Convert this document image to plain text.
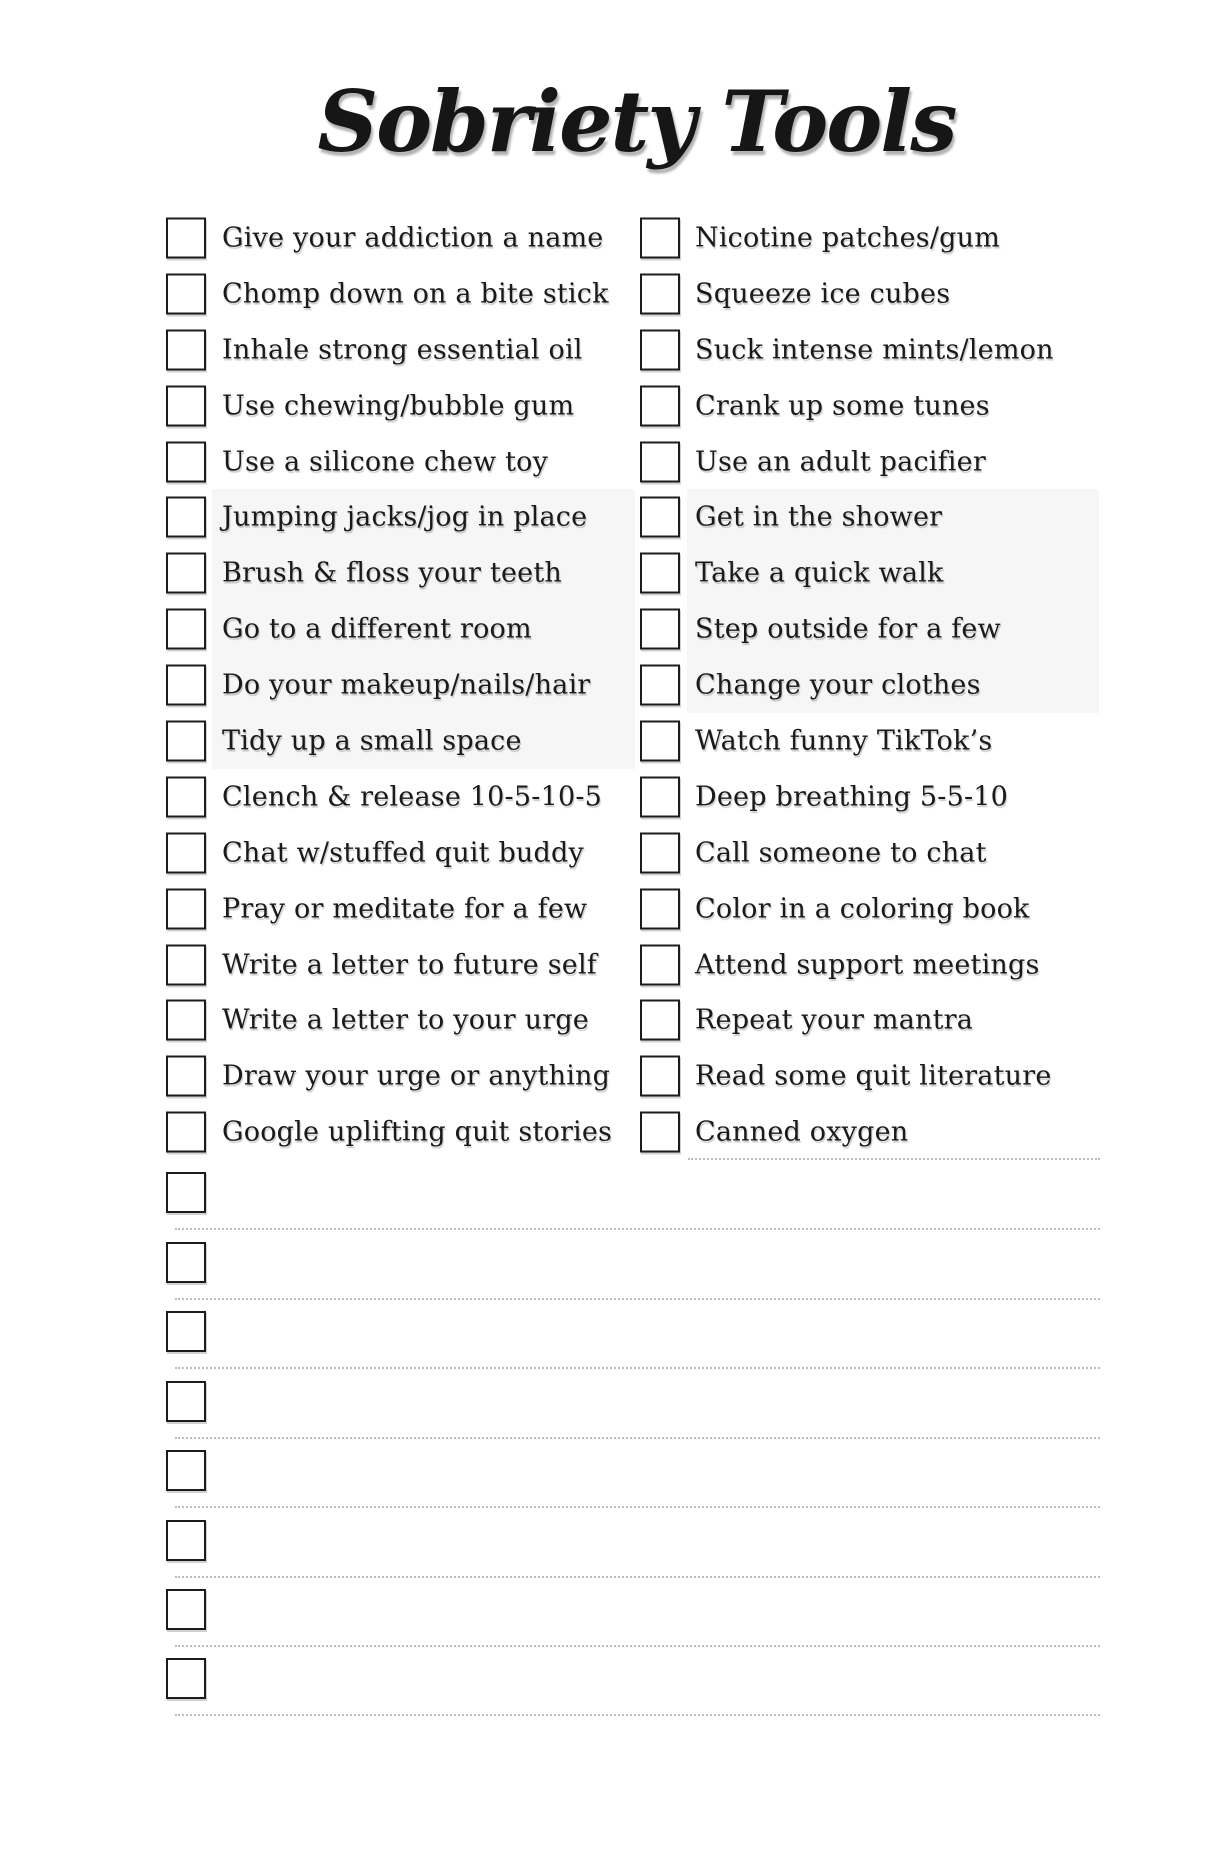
Sobriety Tools
Give your addiction a name	Nicotine patches/gum
Chomp down on a bite stick	Squeeze ice cubes
Inhale strong essential oil	Suck intense mints/lemon
Use chewing/bubble gum	Crank up some tunes
Use a silicone chew toy	Use an adult pacifier
Jumping jacks/jog in place	Get in the shower
Brush & floss your teeth	Take a quick walk
Go to a different room	Step outside for a few
Do your makeup/nails/hair	Change your clothes
Tidy up a small space	Watch funny TikTok’s
Clench & release 10-5-10-5	Deep breathing 5-5-10
Chat w/stuffed quit buddy	Call someone to chat
Pray or meditate for a few	Color in a coloring book
Write a letter to future self	Attend support meetings
Write a letter to your urge	Repeat your mantra
Draw your urge or anything	Read some quit literature
Google uplifting quit stories	Canned oxygen
